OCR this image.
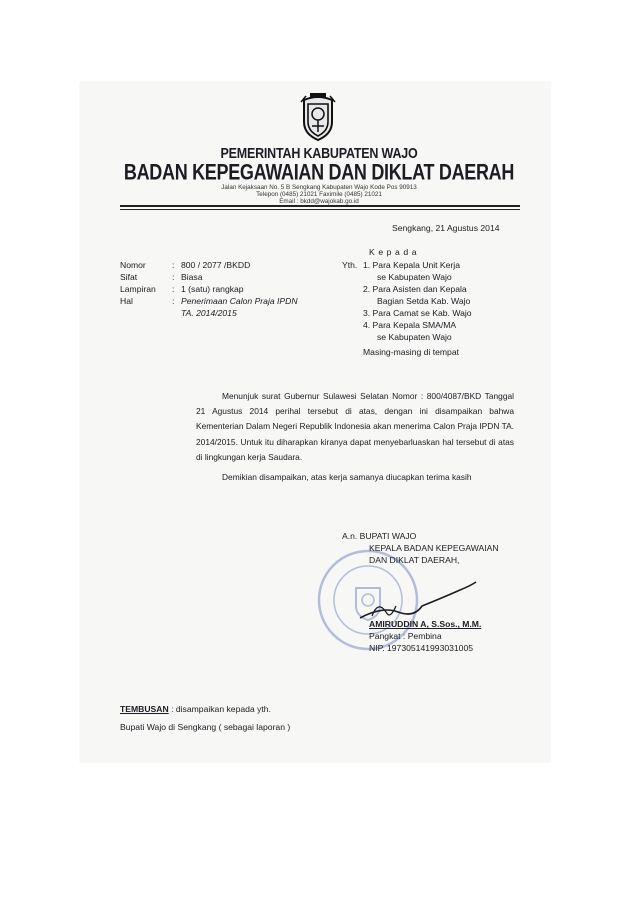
PEMERINTAH KABUPATEN WAJO
BADAN KEPEGAWAIAN DAN DIKLAT DAERAH
Jalan Kejaksaan No. 5 B Sengkang Kabupaten Wajo Kode Pos 90913
Telepon (0485) 21021 Faximile (0485) 21021
Email : bkdd@wajokab.go.id
Sengkang, 21 Agustus 2014
Nomor	: 800 / 2077 /BKDD
Sifat	: Biasa
Lampiran : 1 (satu) rangkap
Hal	: Penerimaan Calon Praja IPDN
TA. 2014/2015
K e p a d a
Yth. 1. Para Kepala Unit Kerja
se Kabupaten Wajo
2. Para Asisten dan Kepala
Bagian Setda Kab. Wajo
3. Para Camat se Kab. Wajo
4. Para Kepala SMA/MA
se Kabupaten Wajo
Masing-masing di tempat
Menunjuk surat Gubernur Sulawesi Selatan Nomor : 800/4087/BKD Tanggal 21 Agustus 2014 perihal tersebut di atas, dengan ini disampaikan bahwa Kementerian Dalam Negeri Republik Indonesia akan menerima Calon Praja IPDN TA. 2014/2015. Untuk itu diharapkan kiranya dapat menyebarluaskan hal tersebut di atas di lingkungan kerja Saudara.
Demikian disampaikan, atas kerja samanya diucapkan terima kasih
A.n. BUPATI WAJO
KEPALA BADAN KEPEGAWAIAN
DAN DIKLAT DAERAH,
AMIRUDDIN A, S.Sos., M.M.
Pangkat : Pembina
NIP. 197305141993031005
TEMBUSAN : disampaikan kepada yth.
Bupati Wajo di Sengkang ( sebagai laporan )
